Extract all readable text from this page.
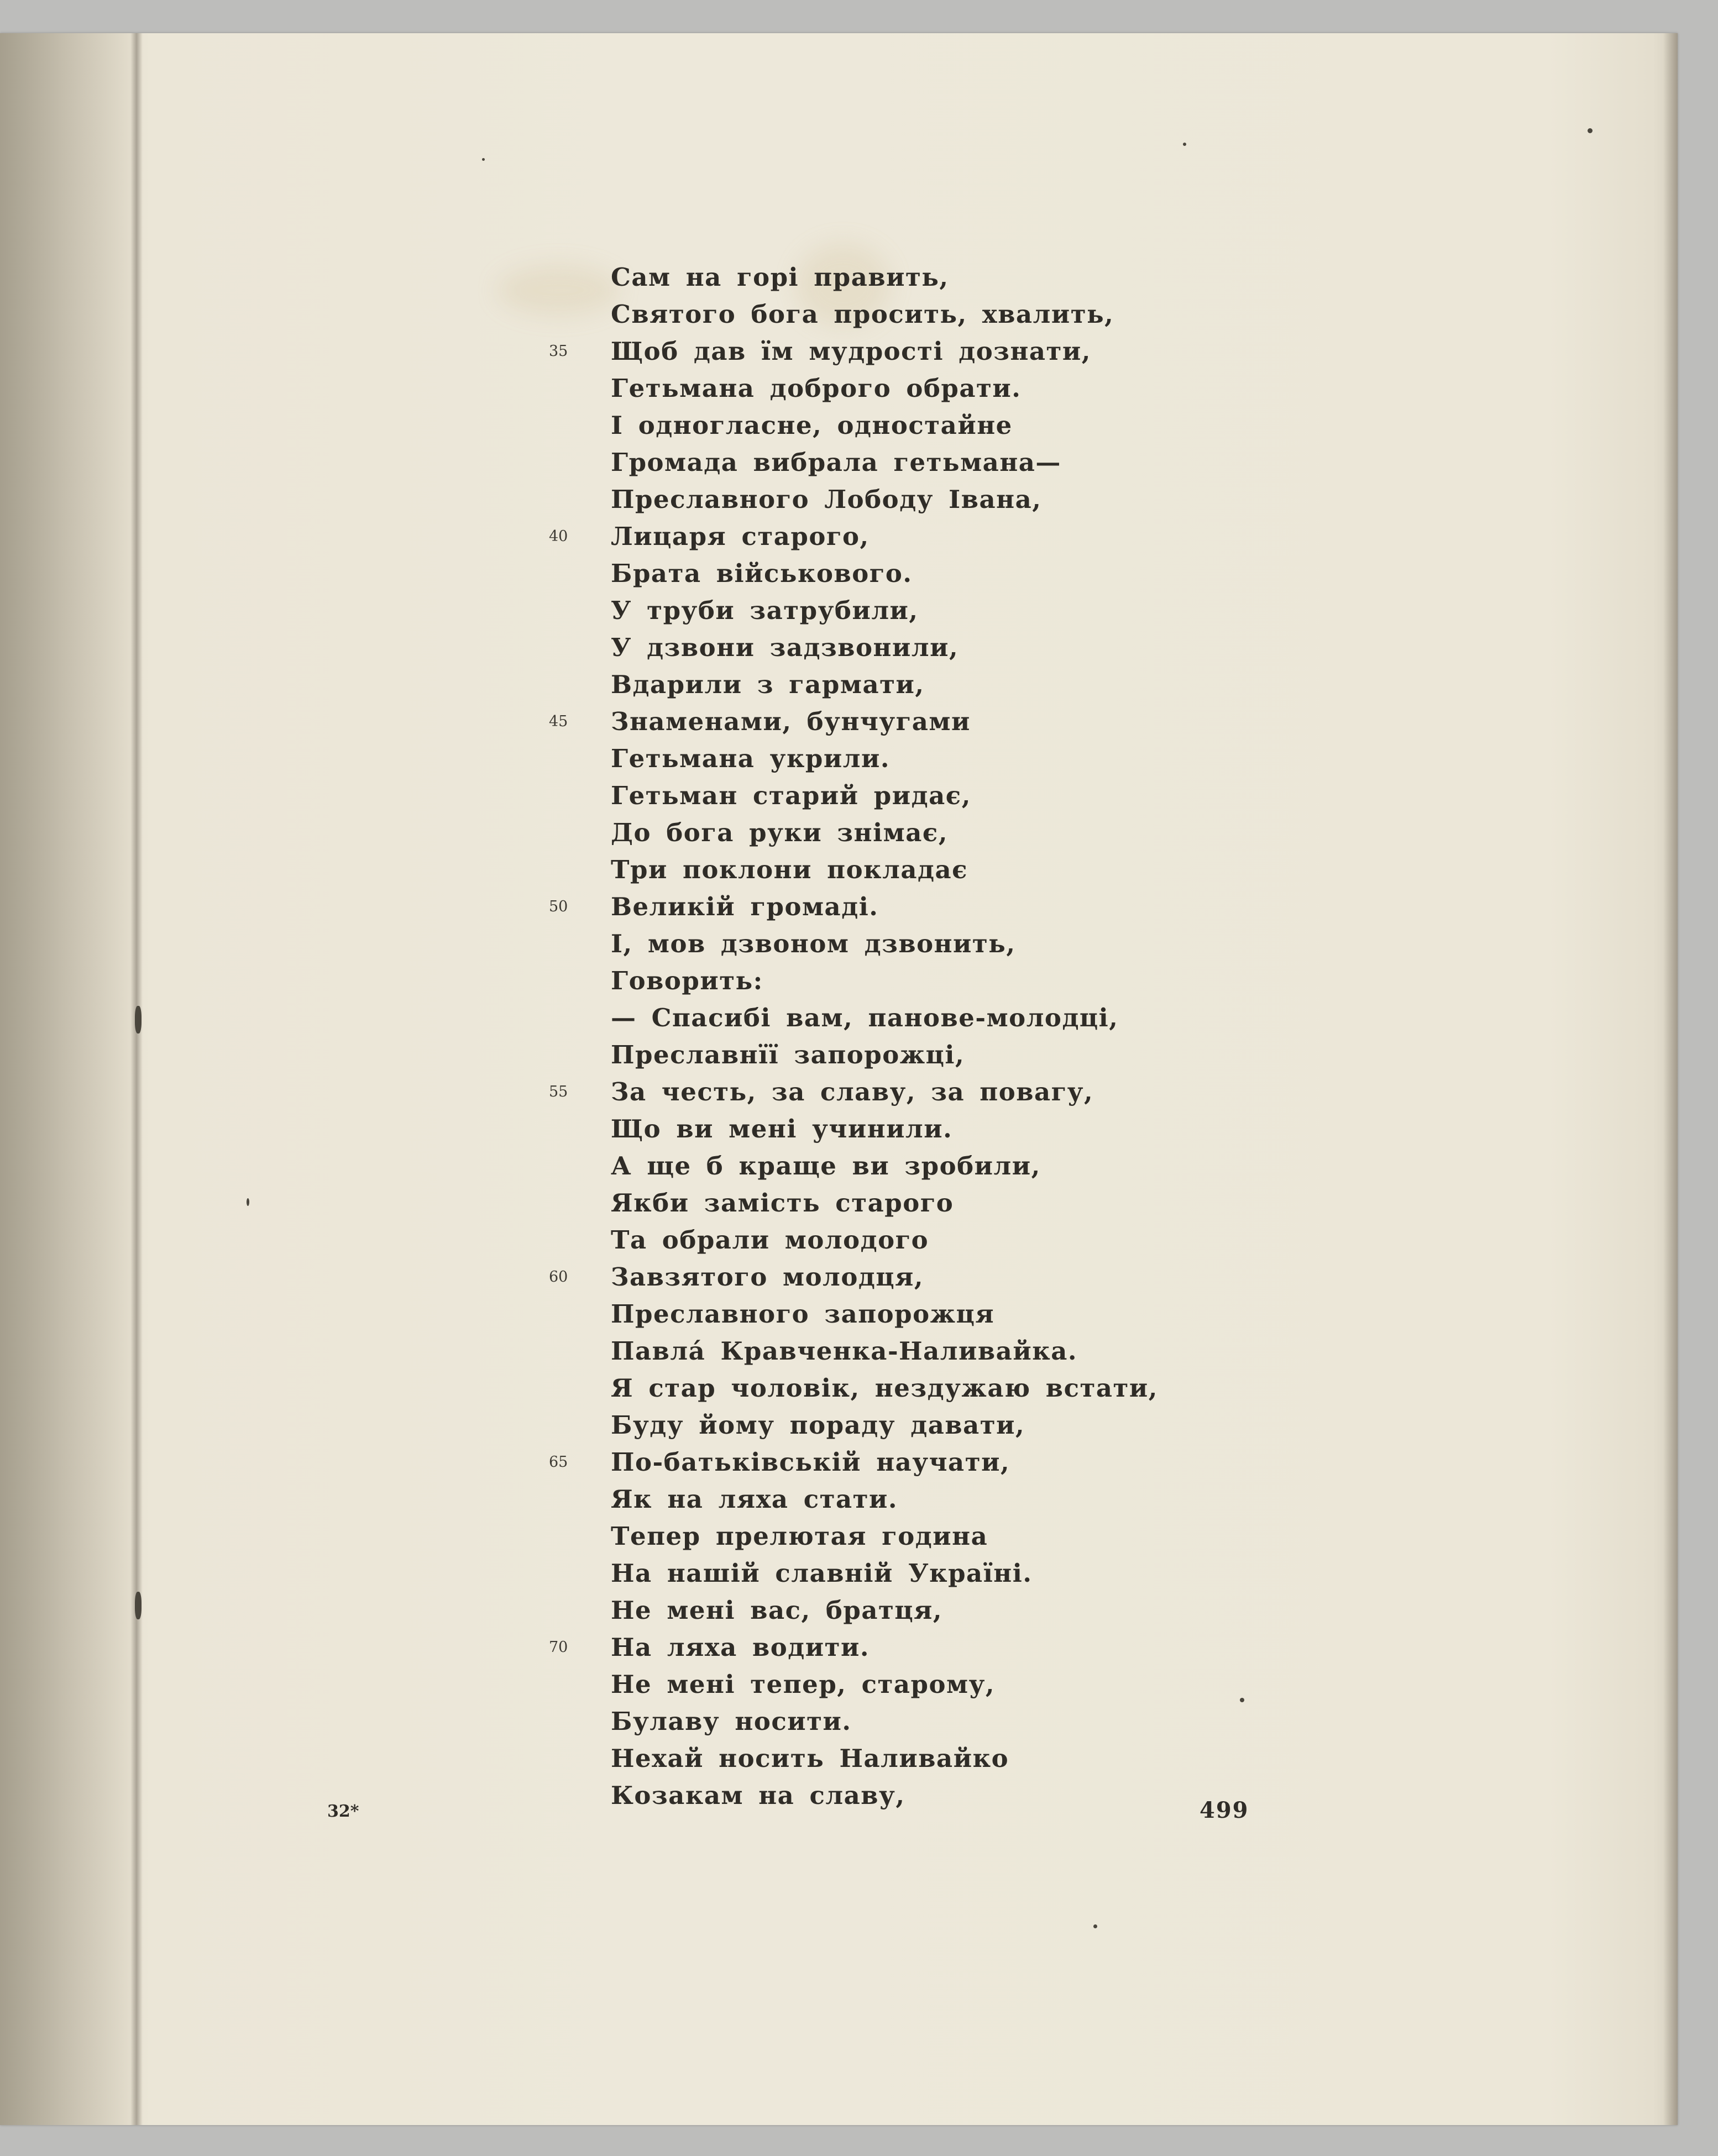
Сам на горі править,
Святого бога просить, хвалить,
35	Щоб дав їм мудрості дознати,
Гетьмана доброго обрати.
І одноглacнe, одностайне
Громада вибрала гетьмана—
Преславного Лободу Івана,
40	Лицаря старого,
Брата військового.
У труби затрубили,
У дзвони задзвонили,
Вдарили з гармати,
45	Знаменами, бунчугами
Гетьмана укрили.
Гетьман старий ридає,
До бога руки знімає,
Три поклони покладає
50	Великій громаді.
І, мов дзвоном дзвонить,
Говорить:
— Спасибі вам, панове-молодці,
Преславнїї запорожці,
55	За честь, за славу, за повагу,
Що ви мені учинили.
А ще б краще ви зробили,
Якби замість старого
Та обрали молодого
60	Завзятого молодця,
Преславного запорожця
Павла́ Кравченка-Наливайка.
Я стар чоловік, нездужаю встати,
Буду йому пораду давати,
65	По-батьківській научати,
Як на ляха стати.
Тепер прелютая година
На нашій славній Україні.
Не мені вас, братця,
70	На ляха водити.
Не мені тепер, старому,
Булаву носити.
Нехай носить Наливайко
Козакам на славу,
32*	499
